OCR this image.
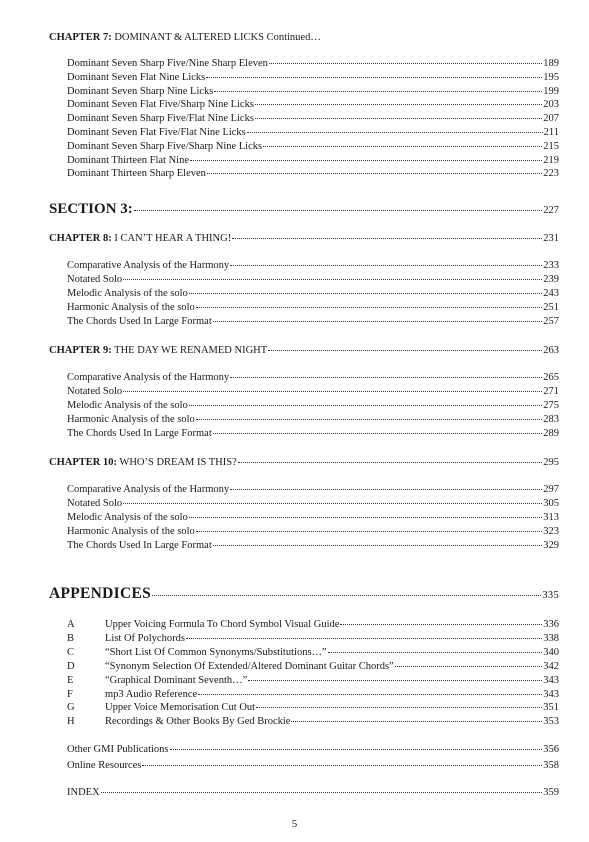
CHAPTER 7: DOMINANT & ALTERED LICKS Continued…
Dominant Seven Sharp Five/Nine Sharp Eleven	189
Dominant Seven Flat Nine Licks	195
Dominant Seven Sharp Nine Licks	199
Dominant Seven Flat Five/Sharp Nine Licks	203
Dominant Seven Sharp Five/Flat Nine Licks	207
Dominant Seven Flat Five/Flat Nine Licks	211
Dominant Seven Sharp Five/Sharp Nine Licks	215
Dominant Thirteen Flat Nine	219
Dominant Thirteen Sharp Eleven	223
SECTION 3:	227
CHAPTER 8: I CAN’T HEAR A THING!	231
Comparative Analysis of the Harmony	233
Notated Solo	239
Melodic Analysis of the solo	243
Harmonic Analysis of the solo	251
The Chords Used In Large Format	257
CHAPTER 9: THE DAY WE RENAMED NIGHT	263
Comparative Analysis of the Harmony	265
Notated Solo	271
Melodic Analysis of the solo	275
Harmonic Analysis of the solo	283
The Chords Used In Large Format	289
CHAPTER 10: WHO’S DREAM IS THIS?	295
Comparative Analysis of the Harmony	297
Notated Solo	305
Melodic Analysis of the solo	313
Harmonic Analysis of the solo	323
The Chords Used In Large Format	329
APPENDICES	335
A	Upper Voicing Formula To Chord Symbol Visual Guide	336
B	List Of Polychords	338
C	“Short List Of Common Synonyms/Substitutions…”	340
D	“Synonym Selection Of Extended/Altered Dominant Guitar Chords”	342
E	“Graphical Dominant Seventh…”	343
F	mp3 Audio Reference	343
G	Upper Voice Memorisation Cut Out	351
H	Recordings & Other Books By Ged Brockie	353
Other GMI Publications	356
Online Resources	358
INDEX	359
5
